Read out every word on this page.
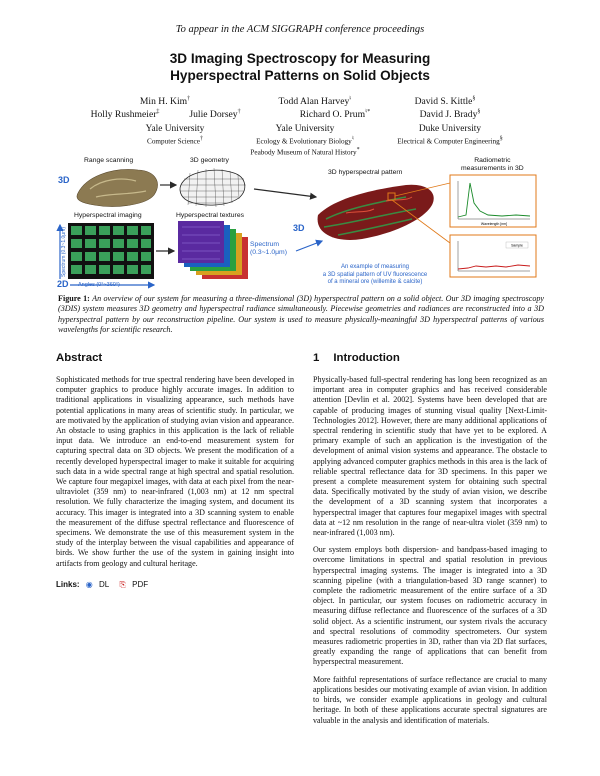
To appear in the ACM SIGGRAPH conference proceedings
3D Imaging Spectroscopy for Measuring
Hyperspectral Patterns on Solid Objects
Min H. Kim†	Todd Alan Harvey♮	David S. Kittle§
Holly Rushmeier‡	Julie Dorsey†	Richard O. Prum♮*	David J. Brady§
Yale University
Computer Science†
Yale University
Ecology & Evolutionary Biology♮
Peabody Museum of Natural History*
Duke University
Electrical & Computer Engineering§
Wavelength [nm]
Sample
Range scanning	3D geometry
3D hyperspectral pattern
Radiometric
measurements in 3D
3D
3D
2D
Hyperspectral imaging	Hyperspectral textures
Spectrum
(0.3~1.0μm)
Spectrum (0.3~1.0μm)
Angles (0°~360°)
An example of measuring
a 3D spatial pattern of UV fluorescence
of a mineral ore (willemite & calcite)
Figure 1: An overview of our system for measuring a three-dimensional (3D) hyperspectral pattern on a solid object. Our 3D imaging spectroscopy (3DIS) system measures 3D geometry and hyperspectral radiance simultaneously. Piecewise geometries and radiances are reconstructed into a 3D hyperspectral pattern by our reconstruction pipeline. Our system is used to measure physically-meaningful 3D hyperspectral patterns of various wavelengths for scientific research.
Abstract

Sophisticated methods for true spectral rendering have been developed in computer graphics to produce highly accurate images. In addition to traditional applications in visualizing appearance, such methods have potential applications in many areas of scientific study. In particular, we are motivated by the application of studying avian vision and appearance. An obstacle to using graphics in this application is the lack of reliable input data. We introduce an end-to-end measurement system for capturing spectral data on 3D objects. We present the modification of a recently developed hyperspectral imager to make it suitable for acquiring such data in a wide spectral range at high spectral and spatial resolution. We capture four megapixel images, with data at each pixel from the near-ultraviolet (359 nm) to near-infrared (1,003 nm) at 12 nm spectral resolution. We fully characterize the imaging system, and document its accuracy. This imager is integrated into a 3D scanning system to enable the measurement of the diffuse spectral reflectance and fluorescence of specimens. We demonstrate the use of this measurement system in the study of the interplay between the visual capabilities and appearance of birds. We show further the use of the system in gaining insight into artifacts from geology and cultural heritage.

Links: ◉ DL ⎘ PDF
1 Introduction

Physically-based full-spectral rendering has long been recognized as an important area in computer graphics and has received considerable attention [Devlin et al. 2002]. Systems have been developed that are capable of producing images of stunning visual quality [Next-Limit-Technologies 2012]. However, there are many additional applications of spectral rendering in scientific study that have yet to be explored. A primary example of such an application is the investigation of the development of animal vision systems and appearance. The obstacle to applying advanced computer graphics methods in this area is the lack of reliable spectral reflectance data for 3D specimens. In this paper we present a complete measurement system for obtaining such spectral data. Specifically motivated by the study of avian vision, we describe the development of a 3D scanning system that incorporates a hyperspectral imager that captures four megapixel images with spectral data at ~12 nm resolution in the range of near-ultra violet (359 nm) to near-infrared (1,003 nm).

Our system employs both dispersion- and bandpass-based imaging to overcome limitations in spectral and spatial resolution in previous hyperspectral imaging systems. The imager is integrated into a 3D scanning pipeline (with a triangulation-based 3D range scanner) to complete the radiometric measurement of the entire surface of a 3D object. In particular, our system focuses on radiometric accuracy in measuring diffuse reflectance and fluorescence of the surfaces of a 3D solid object. As a scientific instrument, our system rivals the accuracy and spectral resolutions of commodity spectrometers. Our system measures radiometric properties in 3D, rather than via 2D flat surfaces, greatly expanding the range of applications that can benefit from hyperspectral measurement.

More faithful representations of surface reflectance are crucial to many applications besides our motivating example of avian vision. In addition to birds, we consider example applications in geology and cultural heritage. In both of these applications accurate spectral signatures are valuable in the analysis and identification of materials.
